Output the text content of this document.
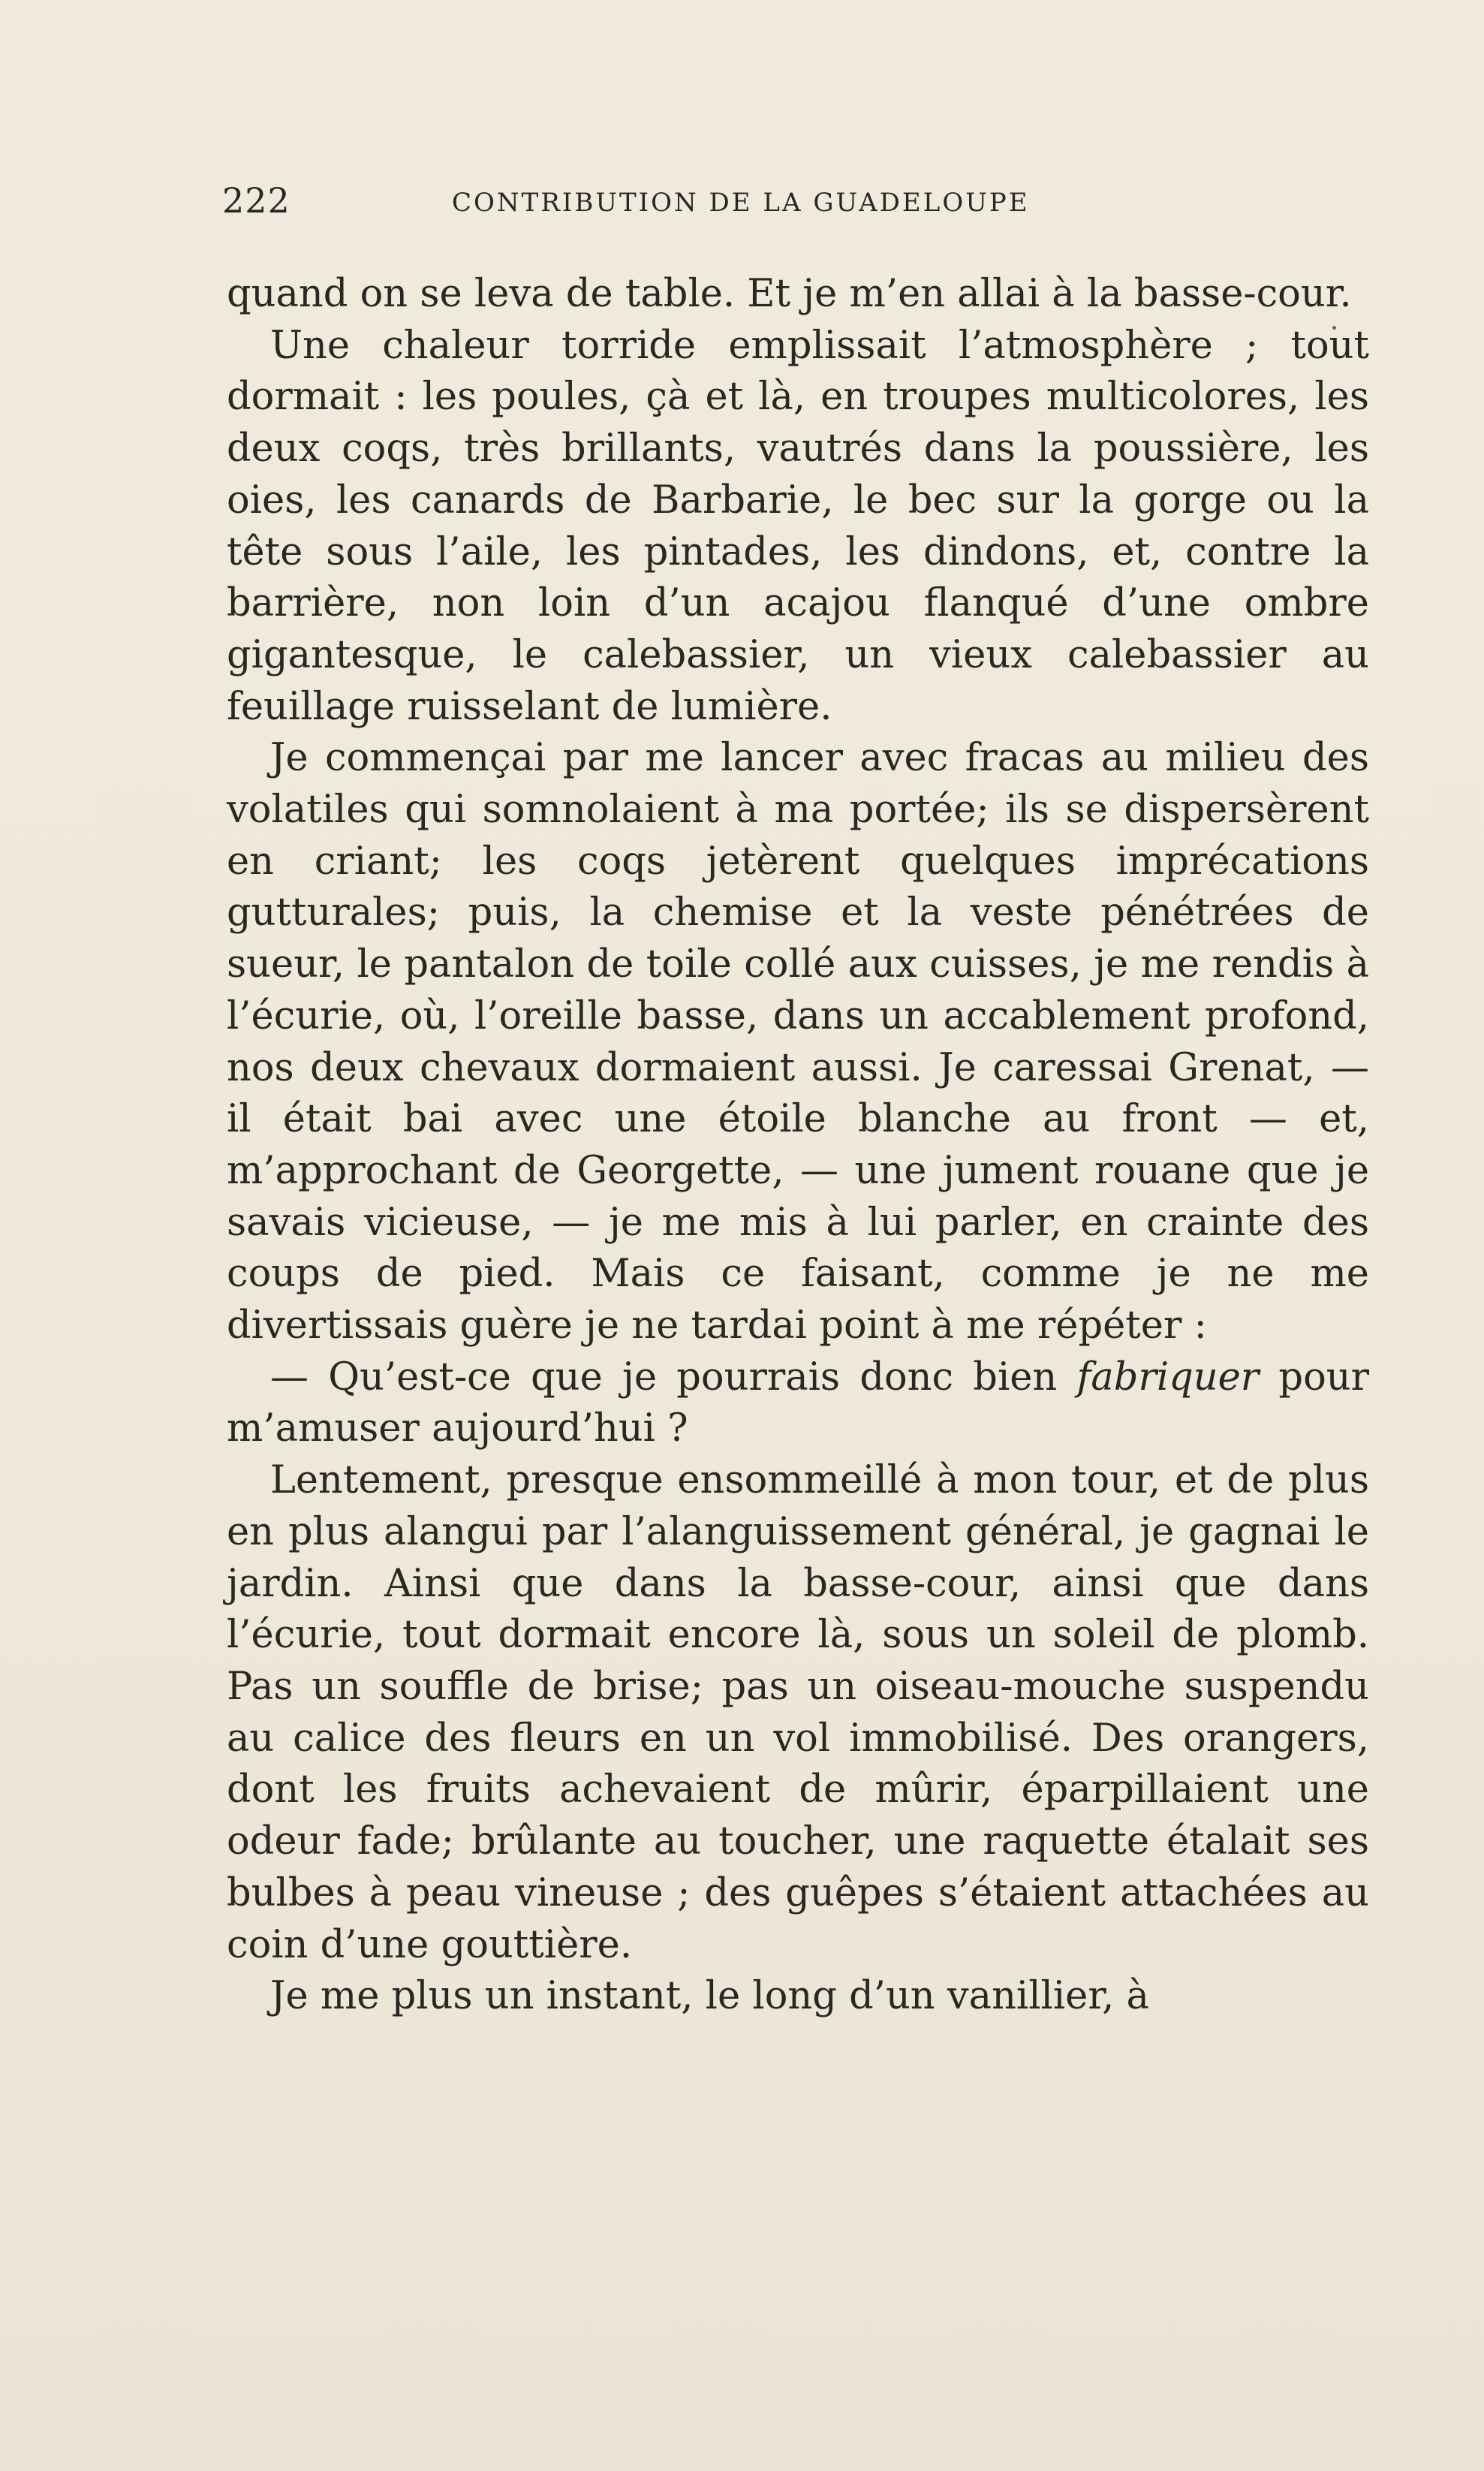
222	CONTRIBUTION DE LA GUADELOUPE

quand on se leva de table. Et je m’en allai à la basse-cour.

Une chaleur torride emplissait l’atmosphère ; tout dormait : les poules, çà et là, en troupes multicolores, les deux coqs, très brillants, vautrés dans la poussière, les oies, les canards de Barbarie, le bec sur la gorge ou la tête sous l’aile, les pintades, les dindons, et, contre la barrière, non loin d’un acajou flanqué d’une ombre gigantesque, le calebassier, un vieux calebassier au feuillage ruisselant de lumière.

Je commençai par me lancer avec fracas au milieu des volatiles qui somnolaient à ma portée; ils se dispersèrent en criant; les coqs jetèrent quelques imprécations gutturales; puis, la chemise et la veste pénétrées de sueur, le pantalon de toile collé aux cuisses, je me rendis à l’écurie, où, l’oreille basse, dans un accablement profond, nos deux chevaux dormaient aussi. Je caressai Grenat, — il était bai avec une étoile blanche au front — et, m’approchant de Georgette, — une jument rouane que je savais vicieuse, — je me mis à lui parler, en crainte des coups de pied. Mais ce faisant, comme je ne me divertissais guère je ne tardai point à me répéter :

— Qu’est-ce que je pourrais donc bien fabriquer pour m’amuser aujourd’hui ?

Lentement, presque ensommeillé à mon tour, et de plus en plus alangui par l’alanguissement général, je gagnai le jardin. Ainsi que dans la basse-cour, ainsi que dans l’écurie, tout dormait encore là, sous un soleil de plomb. Pas un souffle de brise; pas un oiseau-mouche suspendu au calice des fleurs en un vol immobilisé. Des orangers, dont les fruits achevaient de mûrir, éparpillaient une odeur fade; brûlante au toucher, une raquette étalait ses bulbes à peau vineuse ; des guêpes s’étaient attachées au coin d’une gouttière.

Je me plus un instant, le long d’un vanillier, à
